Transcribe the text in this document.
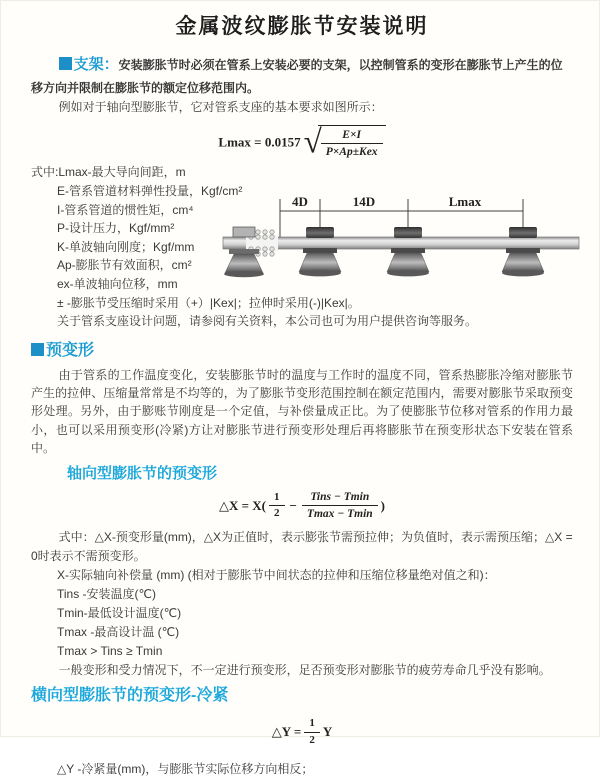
金属波纹膨胀节安装说明

支架：安装膨胀节时必须在管系上安装必要的支架，以控制管系的变形在膨胀节上产生的位移方向并限制在膨胀节的额定位移范围内。

例如对于轴向型膨胀节，它对管系支座的基本要求如图所示：

Lmax = 0.0157 √ $\frac{E\times I}{\text{P×Ap±Kex}}$
式中:Lmax-最大导向间距，m
E-管系管道材料弹性投量，Kgf/cm²
I-管系管道的惯性矩，cm⁴
P-设计压力，Kgf/mm²
K-单波轴向刚度；Kgf/mm
Ap-膨胀节有效面积，cm²
ex-单波轴向位移，mm
± -膨胀节受压缩时采用（+）|Kex|；拉伸时采用(-)|Kex|。
关于管系支座设计问题，请参阅有关资料，本公司也可为用户提供咨询等服务。
4D	14D	Lmax
预变形

由于管系的工作温度变化，安装膨胀节时的温度与工作时的温度不同，管系热膨胀冷缩对膨胀节产生的拉伸、压缩量常常是不均等的，为了膨胀节变形范围控制在额定范围内，需要对膨胀节采取预变形处理。另外，由于膨账节刚度是一个定值，与补偿量成正比。为了使膨胀节位移对管系的作用力最小，也可以采用预变形(冷紧)方让对膨胀节进行预变形处理后再将膨胀节在预变形状态下安装在管系中。

轴向型膨胀节的预变形
△X = $X( \frac{1}{2} - \frac{\text{Tins − Tmin}}{Tmax - Tmin}$ )

式中：△X-预变形量(mm)，△X为正值时，表示膨张节需预拉伸；为负值时，表示需预压缩；△X = 0时表示不需预变形。

X-实际轴向补偿量 (mm) (相对于膨胀节中间状态的拉伸和压缩位移量绝对值之和)：

Tins -安装温度(℃)

Tmin-最低设计温度(℃)

Tmax -最高设计温 (℃)

Tmax > Tins ≥ Tmin

一般变形和受力情况下，不一定进行预变形，足否预变形对膨胀节的疲劳寿命几乎没有影响。

横向型膨胀节的预变形-冷紧
△Y = $\frac{1}{2}$ Y

△Y -冷紧量(mm)，与膨胀节实际位移方向相反；
